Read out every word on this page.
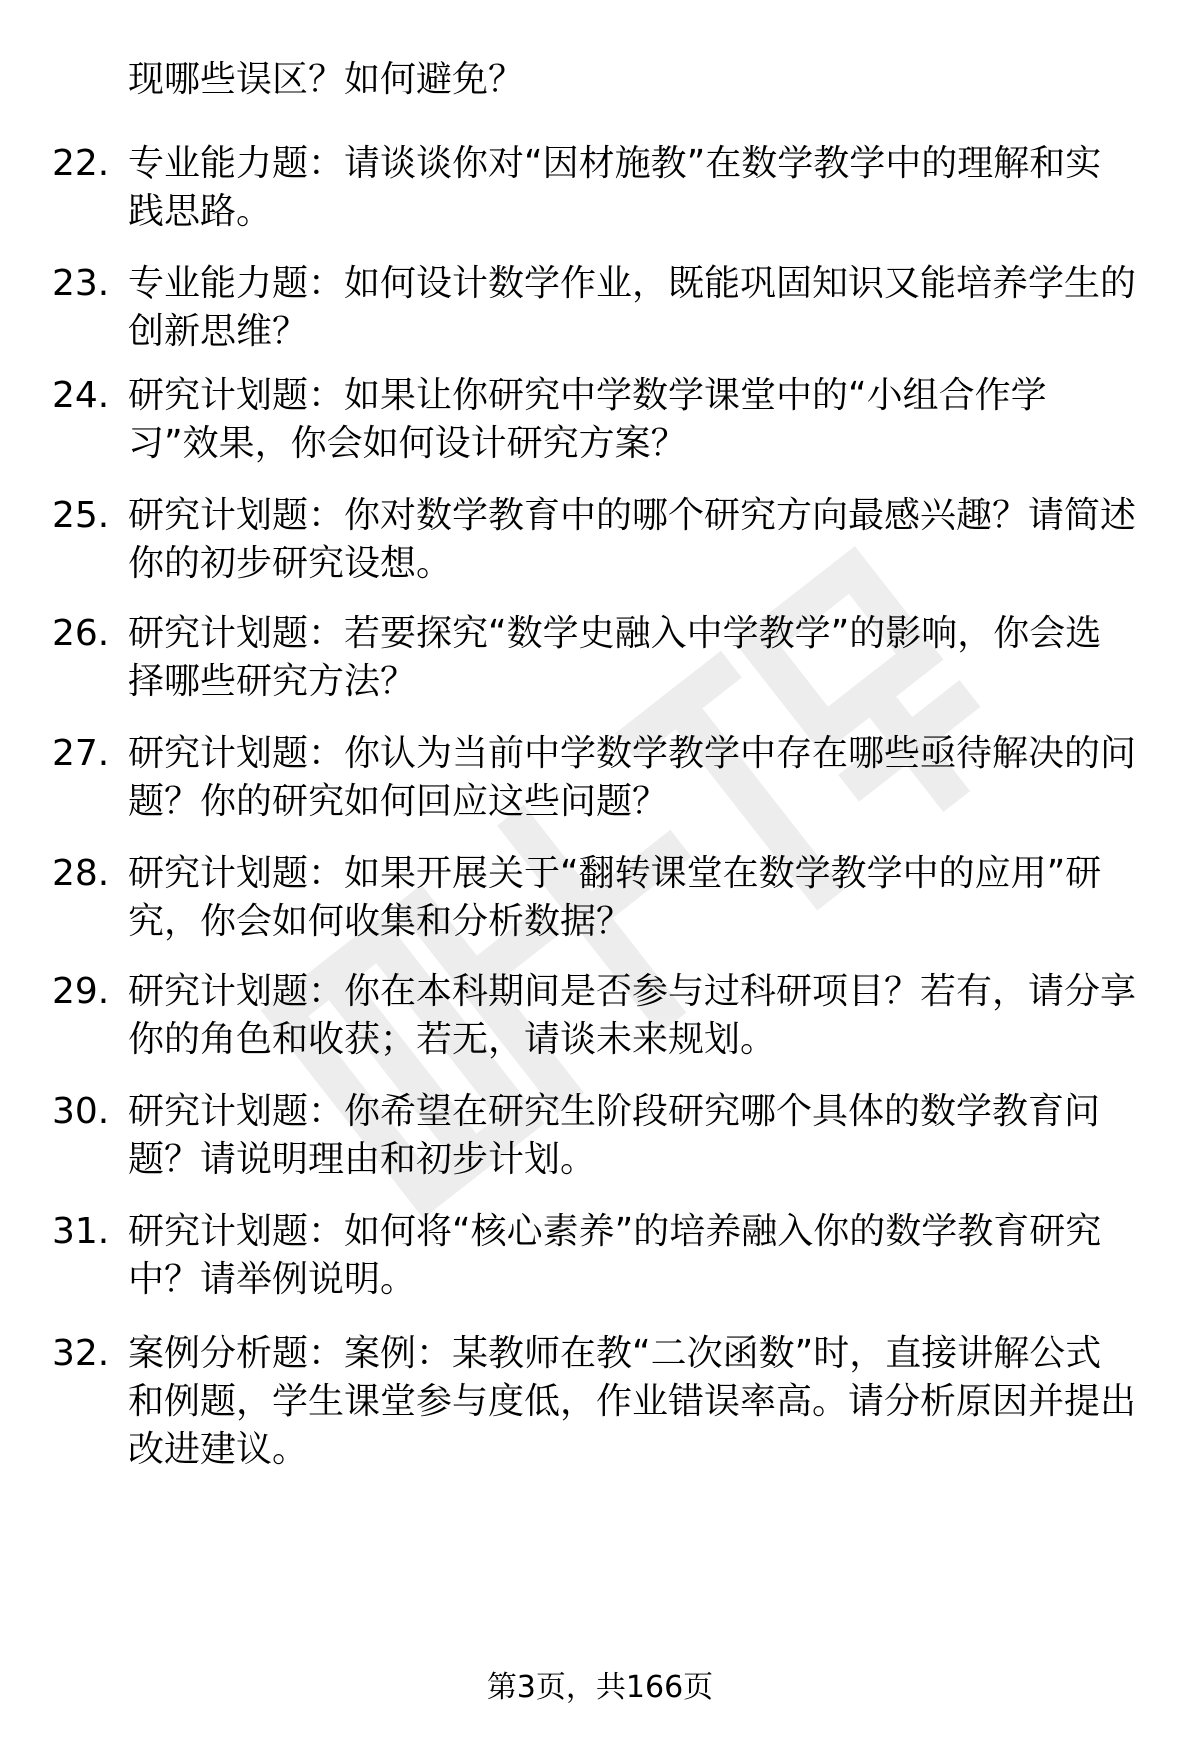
现哪些误区？如何避免？
22. 专业能力题：请谈谈你对“因材施教”在数学教学中的理解和实
践思路。
23. 专业能力题：如何设计数学作业，既能巩固知识又能培养学生的
创新思维？
24. 研究计划题：如果让你研究中学数学课堂中的“小组合作学
习”效果，你会如何设计研究方案？
25. 研究计划题：你对数学教育中的哪个研究方向最感兴趣？请简述
你的初步研究设想。
26. 研究计划题：若要探究“数学史融入中学教学”的影响，你会选
择哪些研究方法？
27. 研究计划题：你认为当前中学数学教学中存在哪些亟待解决的问
题？你的研究如何回应这些问题？
28. 研究计划题：如果开展关于“翻转课堂在数学教学中的应用”研
究，你会如何收集和分析数据？
29. 研究计划题：你在本科期间是否参与过科研项目？若有，请分享
你的角色和收获；若无，请谈未来规划。
30. 研究计划题：你希望在研究生阶段研究哪个具体的数学教育问
题？请说明理由和初步计划。
31. 研究计划题：如何将“核心素养”的培养融入你的数学教育研究
中？请举例说明。
32. 案例分析题：案例：某教师在教“二次函数”时，直接讲解公式
和例题，学生课堂参与度低，作业错误率高。请分析原因并提出
改进建议。
第3页，共166页
